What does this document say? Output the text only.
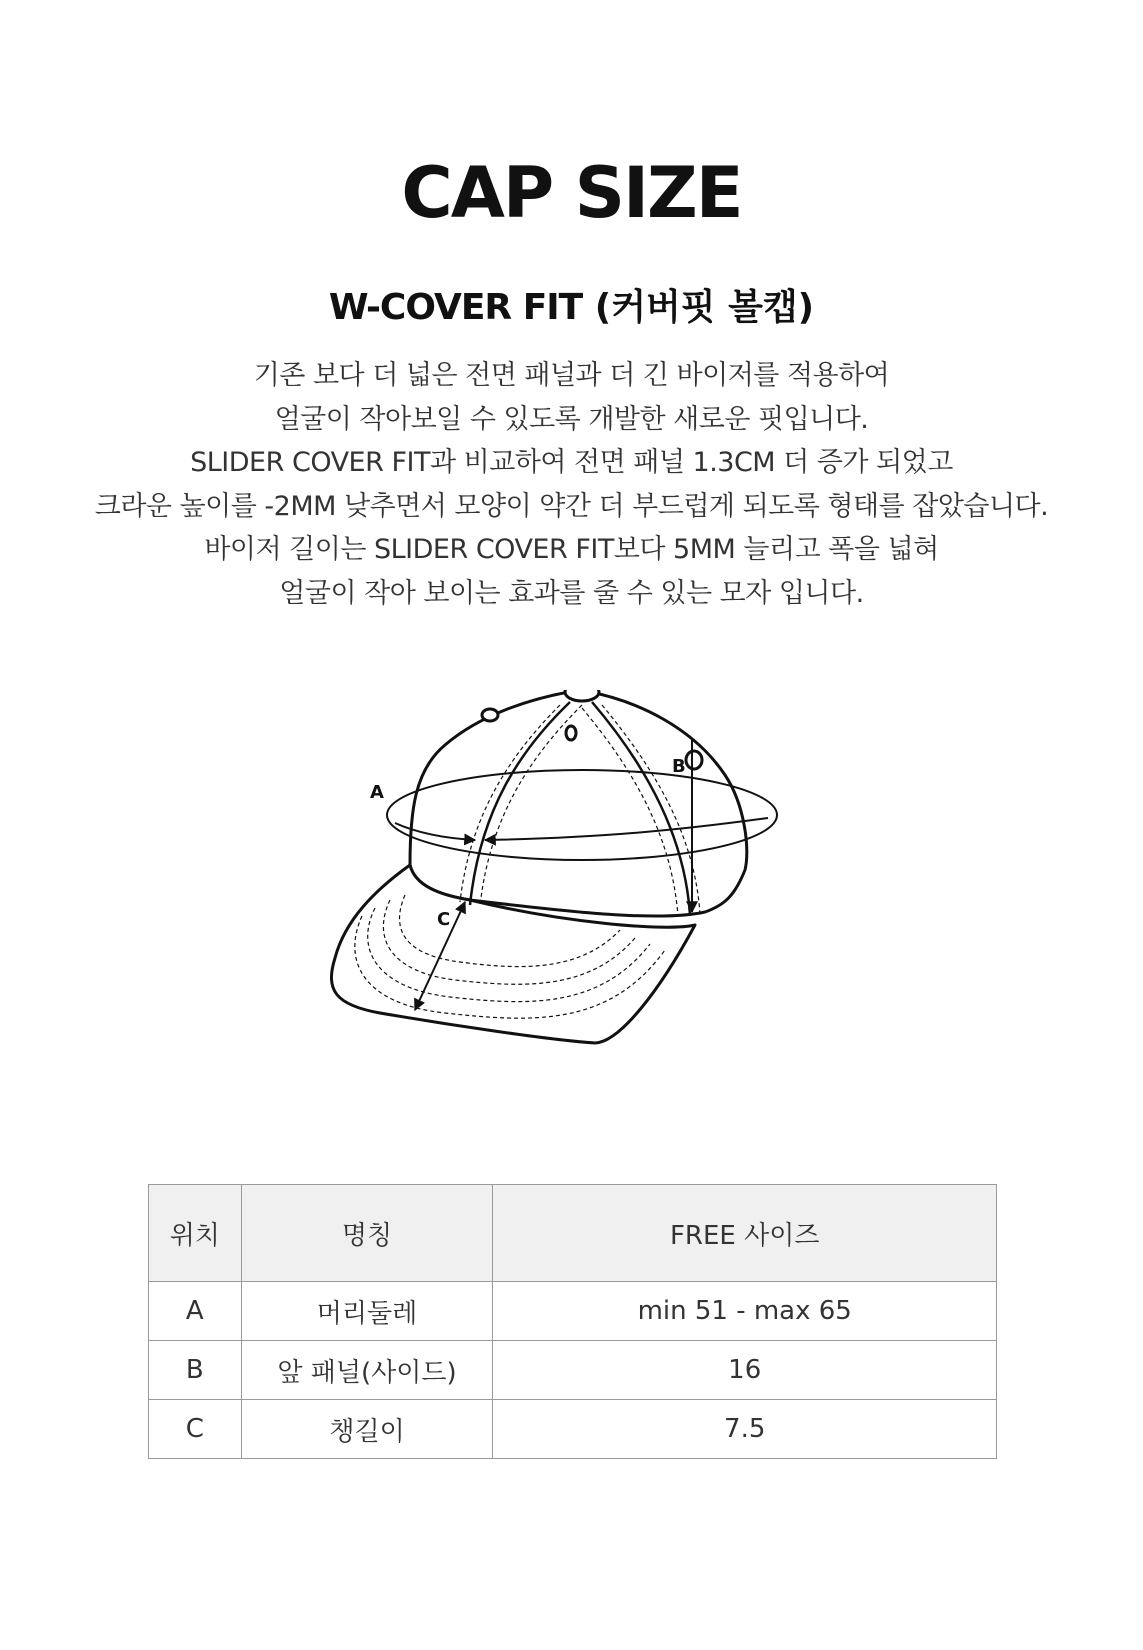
CAP SIZE
W-COVER FIT (커버핏 볼캡)
기존 보다 더 넓은 전면 패널과 더 긴 바이저를 적용하여
얼굴이 작아보일 수 있도록 개발한 새로운 핏입니다.
SLIDER COVER FIT과 비교하여 전면 패널 1.3CM 더 증가 되었고
크라운 높이를 -2MM 낮추면서 모양이 약간 더 부드럽게 되도록 형태를 잡았습니다.
바이저 길이는 SLIDER COVER FIT보다 5MM 늘리고 폭을 넓혀
얼굴이 작아 보이는 효과를 줄 수 있는 모자 입니다.
A
B
C
위치	명칭	FREE 사이즈
A	머리둘레	min 51 - max 65
B	앞 패널(사이드)	16
C	챙길이	7.5
